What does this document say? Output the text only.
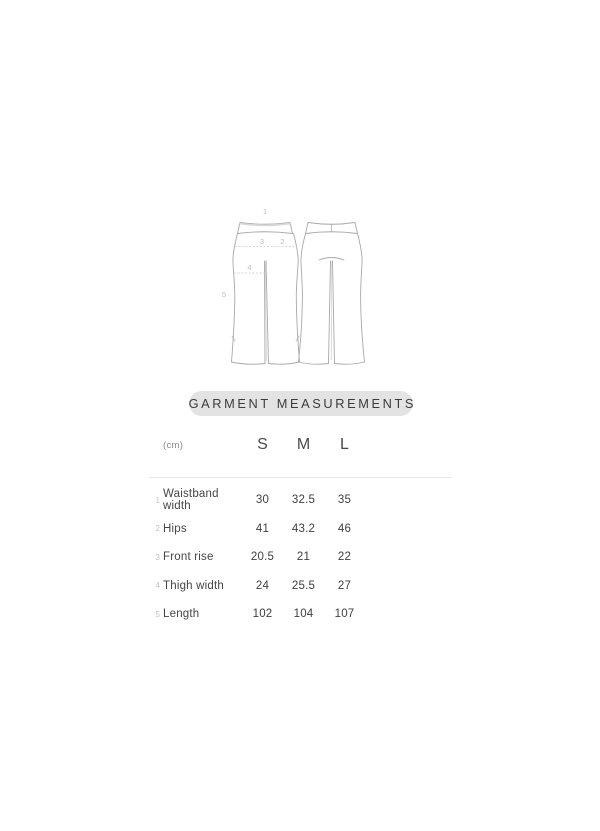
1
2
3
4
5
GARMENT MEASUREMENTS
(cm)	S	M	L
1 Waistband width	30	32.5	35
2 Hips	41	43.2	46
3 Front rise	20.5	21	22
4 Thigh width	24	25.5	27
5 Length	102	104	107
